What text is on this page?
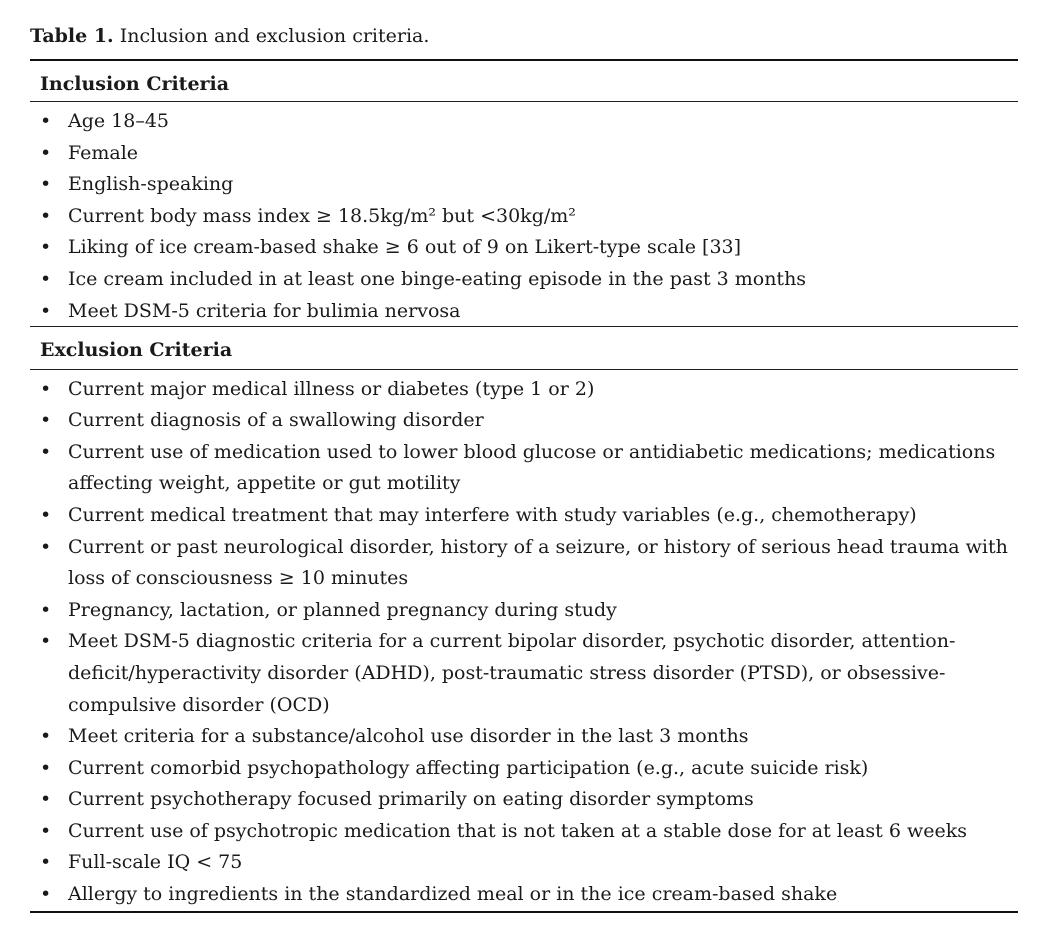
Table 1. Inclusion and exclusion criteria.
Inclusion Criteria
• Age 18–45
• Female
• English-speaking
• Current body mass index ≥ 18.5kg/m² but <30kg/m²
• Liking of ice cream-based shake ≥ 6 out of 9 on Likert-type scale [33]
• Ice cream included in at least one binge-eating episode in the past 3 months
• Meet DSM-5 criteria for bulimia nervosa
Exclusion Criteria
• Current major medical illness or diabetes (type 1 or 2)
• Current diagnosis of a swallowing disorder
• Current use of medication used to lower blood glucose or antidiabetic medications; medications affecting weight, appetite or gut motility
• Current medical treatment that may interfere with study variables (e.g., chemotherapy)
• Current or past neurological disorder, history of a seizure, or history of serious head trauma with loss of consciousness ≥ 10 minutes
• Pregnancy, lactation, or planned pregnancy during study
• Meet DSM-5 diagnostic criteria for a current bipolar disorder, psychotic disorder, attention-deficit/hyperactivity disorder (ADHD), post-traumatic stress disorder (PTSD), or obsessive-compulsive disorder (OCD)
• Meet criteria for a substance/alcohol use disorder in the last 3 months
• Current comorbid psychopathology affecting participation (e.g., acute suicide risk)
• Current psychotherapy focused primarily on eating disorder symptoms
• Current use of psychotropic medication that is not taken at a stable dose for at least 6 weeks
• Full-scale IQ < 75
• Allergy to ingredients in the standardized meal or in the ice cream-based shake
